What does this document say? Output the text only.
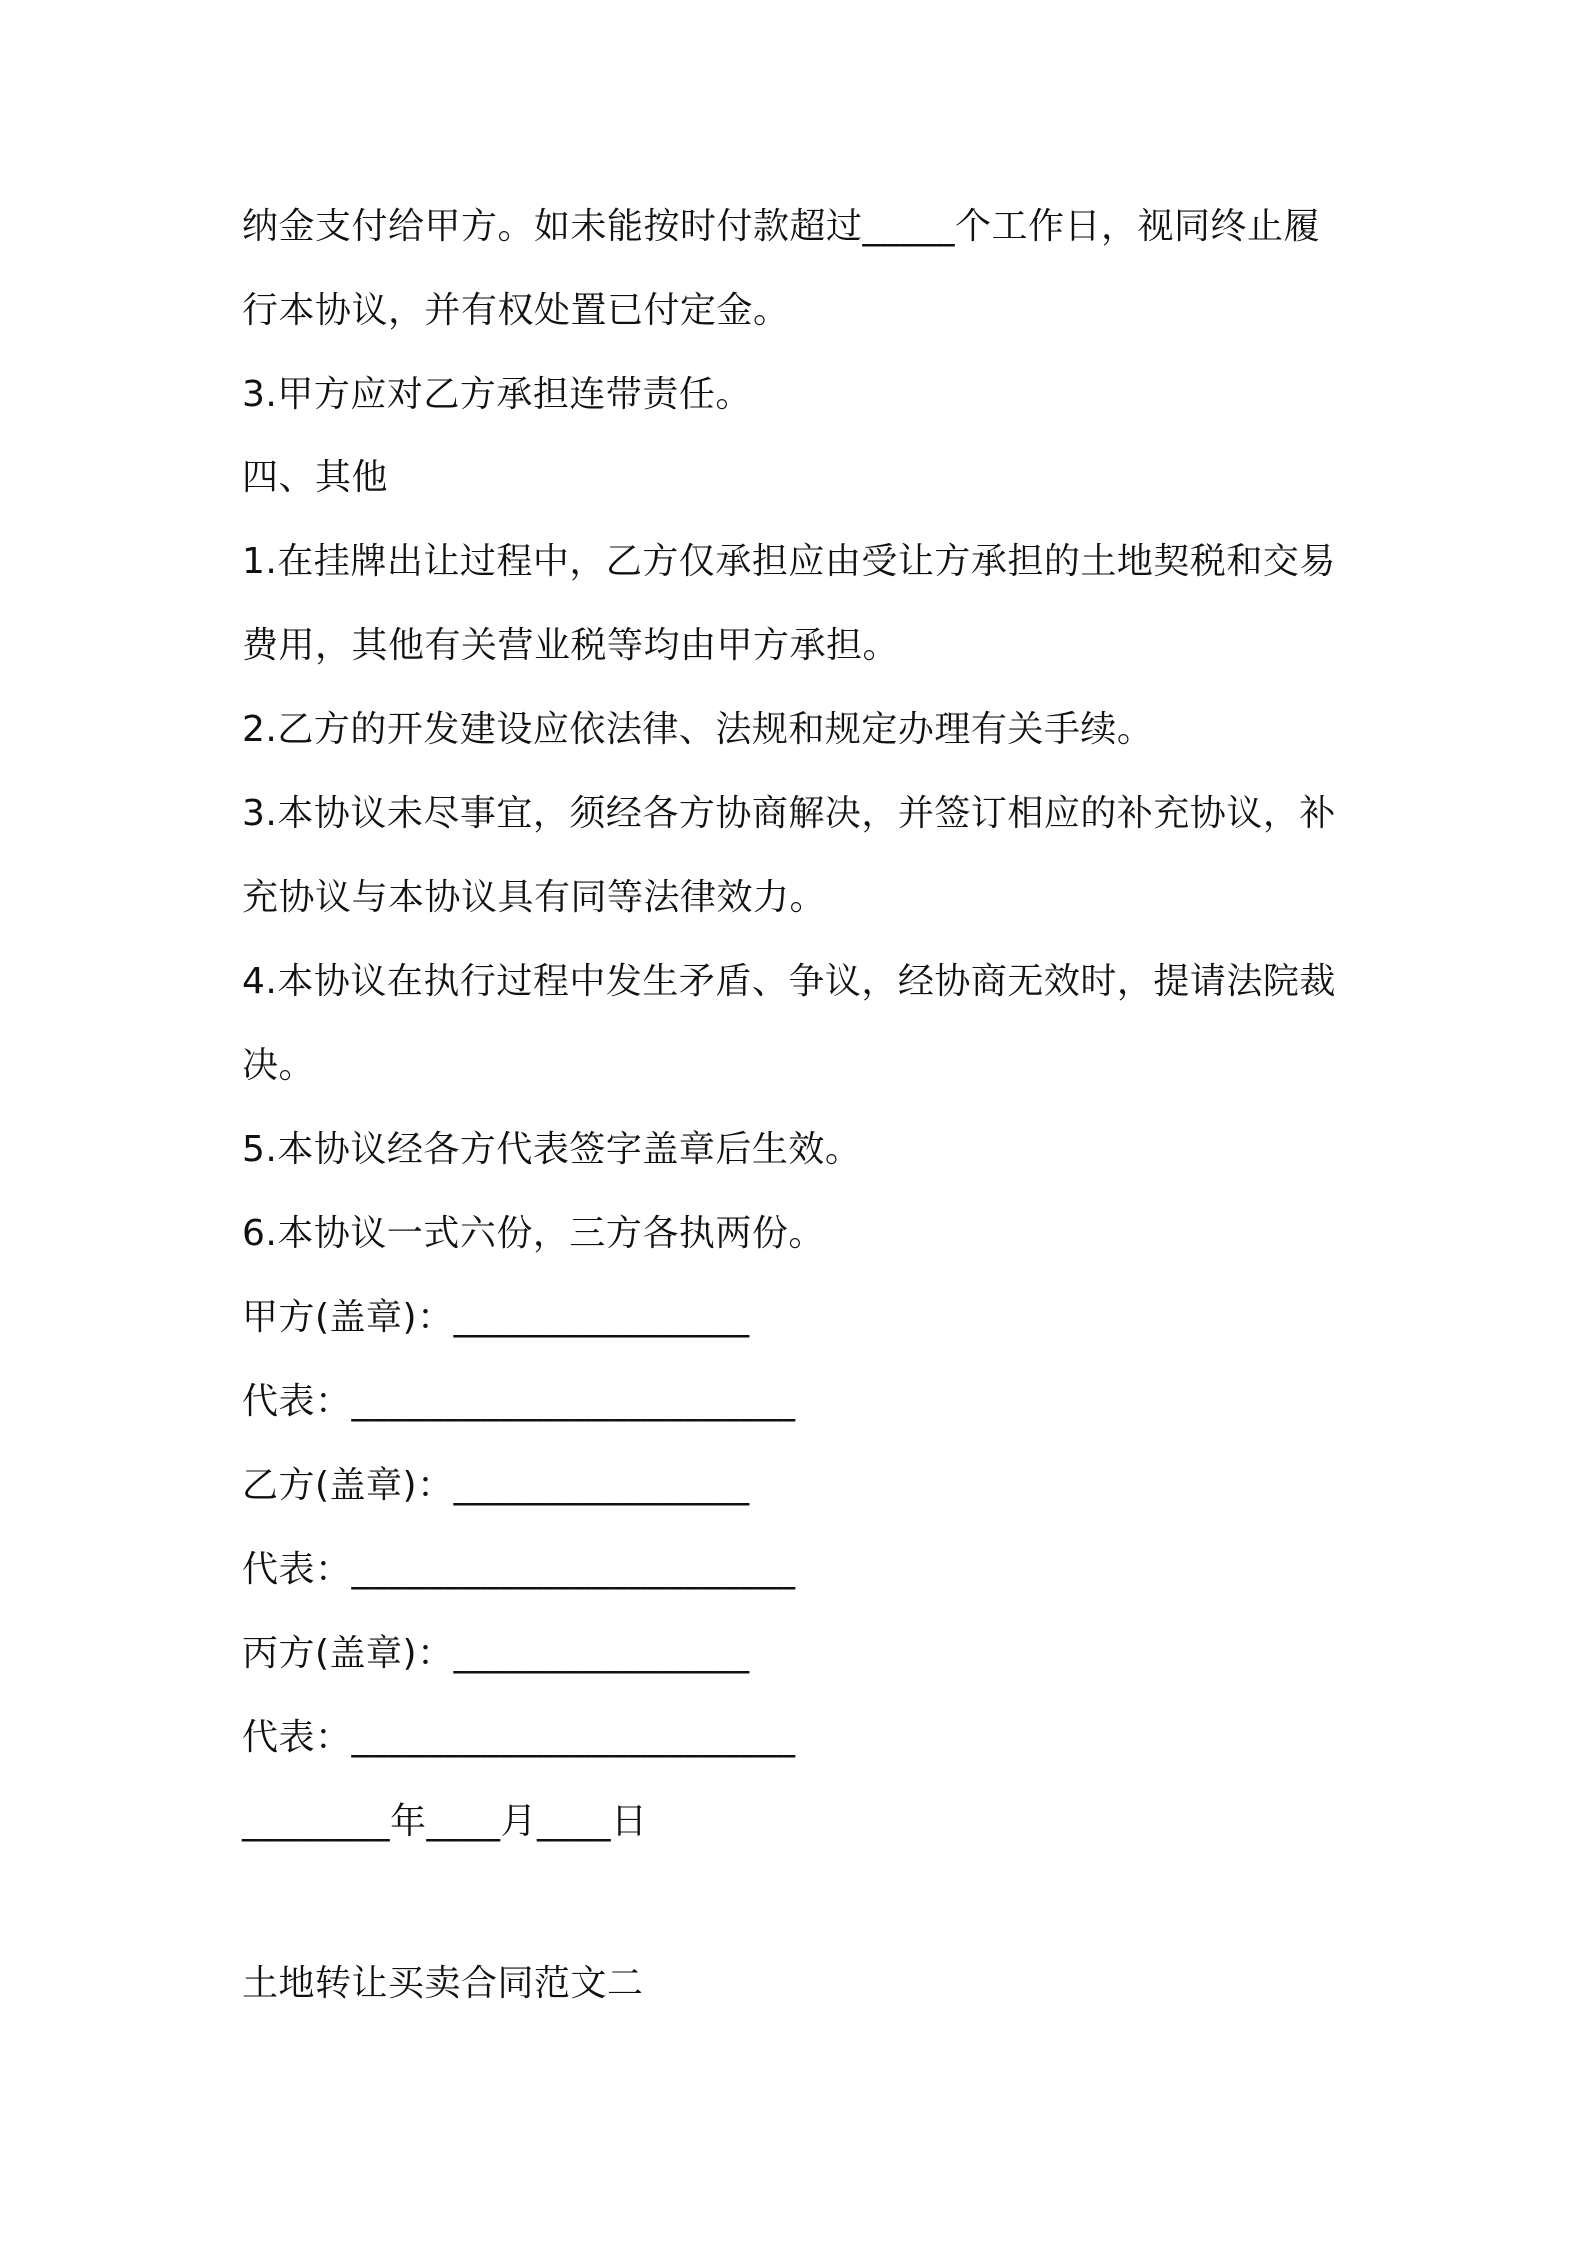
纳金支付给甲方。如未能按时付款超过_____个工作日，视同终止履

行本协议，并有权处置已付定金。

3.甲方应对乙方承担连带责任。

四、其他

1.在挂牌出让过程中，乙方仅承担应由受让方承担的土地契税和交易

费用，其他有关营业税等均由甲方承担。

2.乙方的开发建设应依法律、法规和规定办理有关手续。

3.本协议未尽事宜，须经各方协商解决，并签订相应的补充协议，补

充协议与本协议具有同等法律效力。

4.本协议在执行过程中发生矛盾、争议，经协商无效时，提请法院裁

决。

5.本协议经各方代表签字盖章后生效。

6.本协议一式六份，三方各执两份。

甲方(盖章)：________________

代表：________________________

乙方(盖章)：________________

代表：________________________

丙方(盖章)：________________

代表：________________________

________年____月____日

土地转让买卖合同范文二
